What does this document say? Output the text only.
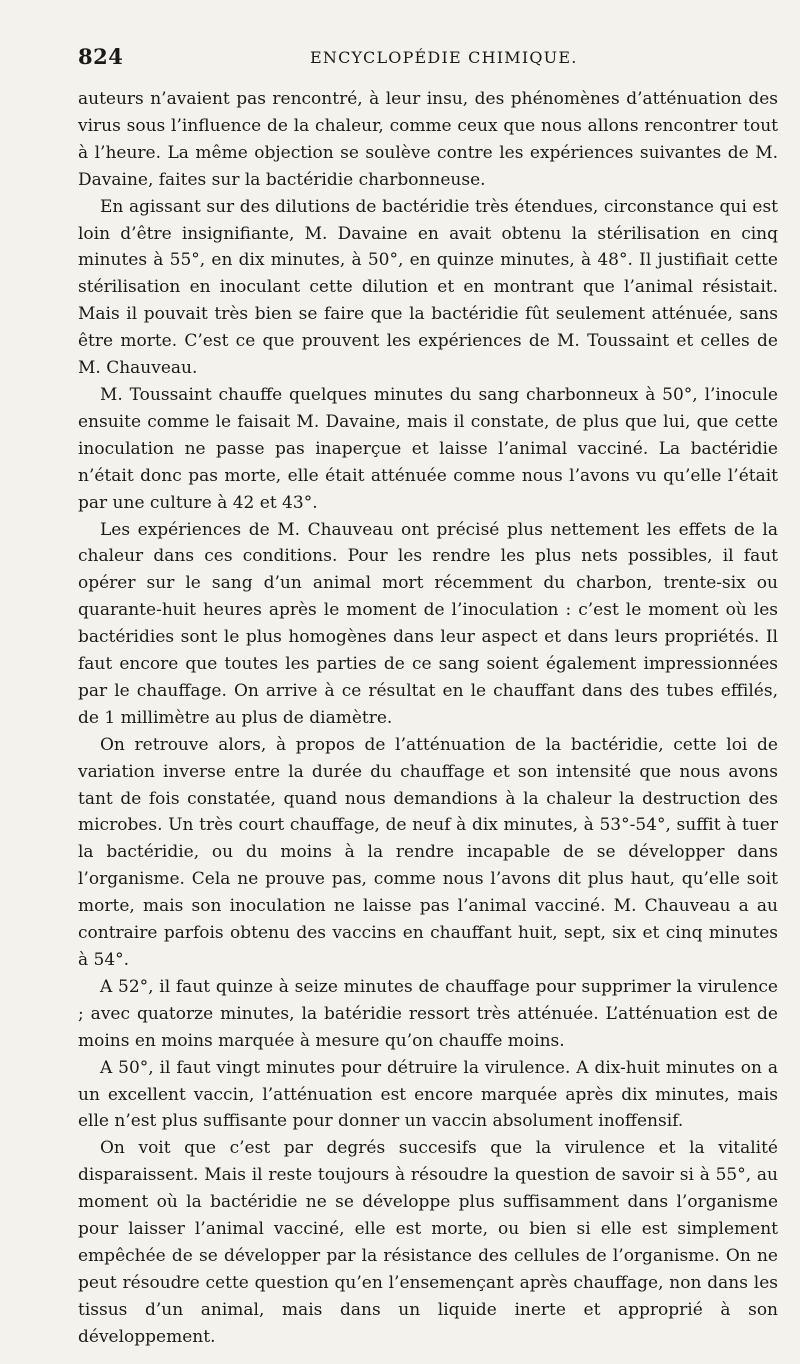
824	ENCYCLOPÉDIE CHIMIQUE.

auteurs n’avaient pas rencontré, à leur insu, des phénomènes d’atténuation des virus sous l’influence de la chaleur, comme ceux que nous allons rencontrer tout à l’heure. La même objection se soulève contre les expériences suivantes de M. Davaine, faites sur la bactéridie charbonneuse.

En agissant sur des dilutions de bactéridie très étendues, circonstance qui est loin d’être insignifiante, M. Davaine en avait obtenu la stérilisation en cinq minutes à 55°, en dix minutes, à 50°, en quinze minutes, à 48°. Il justifiait cette stérilisation en inoculant cette dilution et en montrant que l’animal résistait. Mais il pouvait très bien se faire que la bactéridie fût seulement atténuée, sans être morte. C’est ce que prouvent les expériences de M. Toussaint et celles de M. Chauveau.

M. Toussaint chauffe quelques minutes du sang charbonneux à 50°, l’inocule ensuite comme le faisait M. Davaine, mais il constate, de plus que lui, que cette inoculation ne passe pas inaperçue et laisse l’animal vacciné. La bactéridie n’était donc pas morte, elle était atténuée comme nous l’avons vu qu’elle l’était par une culture à 42 et 43°.

Les expériences de M. Chauveau ont précisé plus nettement les effets de la chaleur dans ces conditions. Pour les rendre les plus nets possibles, il faut opérer sur le sang d’un animal mort récemment du charbon, trente-six ou quarante-huit heures après le moment de l’inoculation : c’est le moment où les bactéridies sont le plus homogènes dans leur aspect et dans leurs propriétés. Il faut encore que toutes les parties de ce sang soient également impressionnées par le chauffage. On arrive à ce résultat en le chauffant dans des tubes effilés, de 1 millimètre au plus de diamètre.

On retrouve alors, à propos de l’atténuation de la bactéridie, cette loi de variation inverse entre la durée du chauffage et son intensité que nous avons tant de fois constatée, quand nous demandions à la chaleur la destruction des microbes. Un très court chauffage, de neuf à dix minutes, à 53°-54°, suffit à tuer la bactéridie, ou du moins à la rendre incapable de se développer dans l’organisme. Cela ne prouve pas, comme nous l’avons dit plus haut, qu’elle soit morte, mais son inoculation ne laisse pas l’animal vacciné. M. Chauveau a au contraire parfois obtenu des vaccins en chauffant huit, sept, six et cinq minutes à 54°.

A 52°, il faut quinze à seize minutes de chauffage pour supprimer la virulence ; avec quatorze minutes, la batéridie ressort très atténuée. L’atténuation est de moins en moins marquée à mesure qu’on chauffe moins.

A 50°, il faut vingt minutes pour détruire la virulence. A dix-huit minutes on a un excellent vaccin, l’atténuation est encore marquée après dix minutes, mais elle n’est plus suffisante pour donner un vaccin absolument inoffensif.

On voit que c’est par degrés succesifs que la virulence et la vitalité disparaissent. Mais il reste toujours à résoudre la question de savoir si à 55°, au moment où la bactéridie ne se développe plus suffisamment dans l’organisme pour laisser l’animal vacciné, elle est morte, ou bien si elle est simplement empêchée de se développer par la résistance des cellules de l’organisme. On ne peut résoudre cette question qu’en l’ensemençant après chauffage, non dans les tissus d’un animal, mais dans un liquide inerte et approprié à son développement.
